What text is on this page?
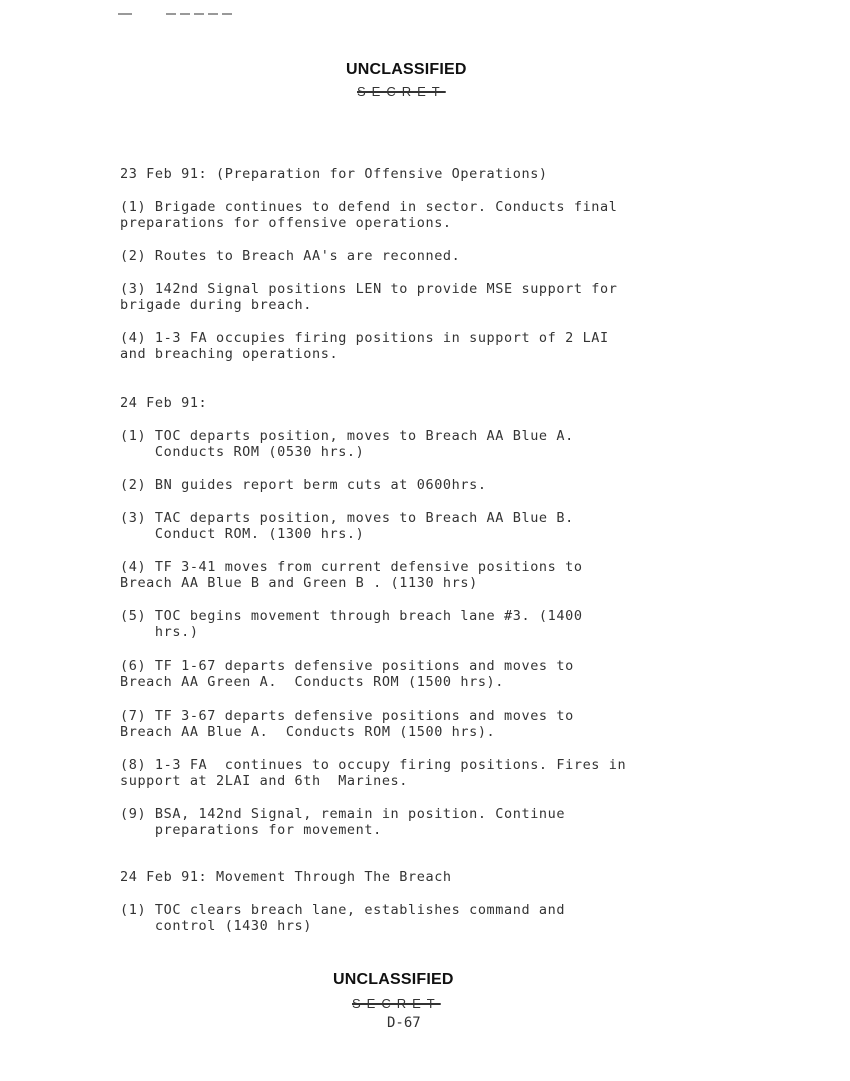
UNCLASSIFIED
SECRET
23 Feb 91: (Preparation for Offensive Operations)
(1) Brigade continues to defend in sector. Conducts final
preparations for offensive operations.
(2) Routes to Breach AA's are reconned.
(3) 142nd Signal positions LEN to provide MSE support for
brigade during breach.
(4) 1-3 FA occupies firing positions in support of 2 LAI
and breaching operations.
24 Feb 91:
(1) TOC departs position, moves to Breach AA Blue A.
Conducts ROM (0530 hrs.)
(2) BN guides report berm cuts at 0600hrs.
(3) TAC departs position, moves to Breach AA Blue B.
Conduct ROM. (1300 hrs.)
(4) TF 3-41 moves from current defensive positions to
Breach AA Blue B and Green B . (1130 hrs)
(5) TOC begins movement through breach lane #3. (1400
hrs.)
(6) TF 1-67 departs defensive positions and moves to
Breach AA Green A.  Conducts ROM (1500 hrs).
(7) TF 3-67 departs defensive positions and moves to
Breach AA Blue A.  Conducts ROM (1500 hrs).
(8) 1-3 FA  continues to occupy firing positions. Fires in
support at 2LAI and 6th  Marines.
(9) BSA, 142nd Signal, remain in position. Continue
preparations for movement.
24 Feb 91: Movement Through The Breach
(1) TOC clears breach lane, establishes command and
control (1430 hrs)
UNCLASSIFIED
SECRET
D-67
